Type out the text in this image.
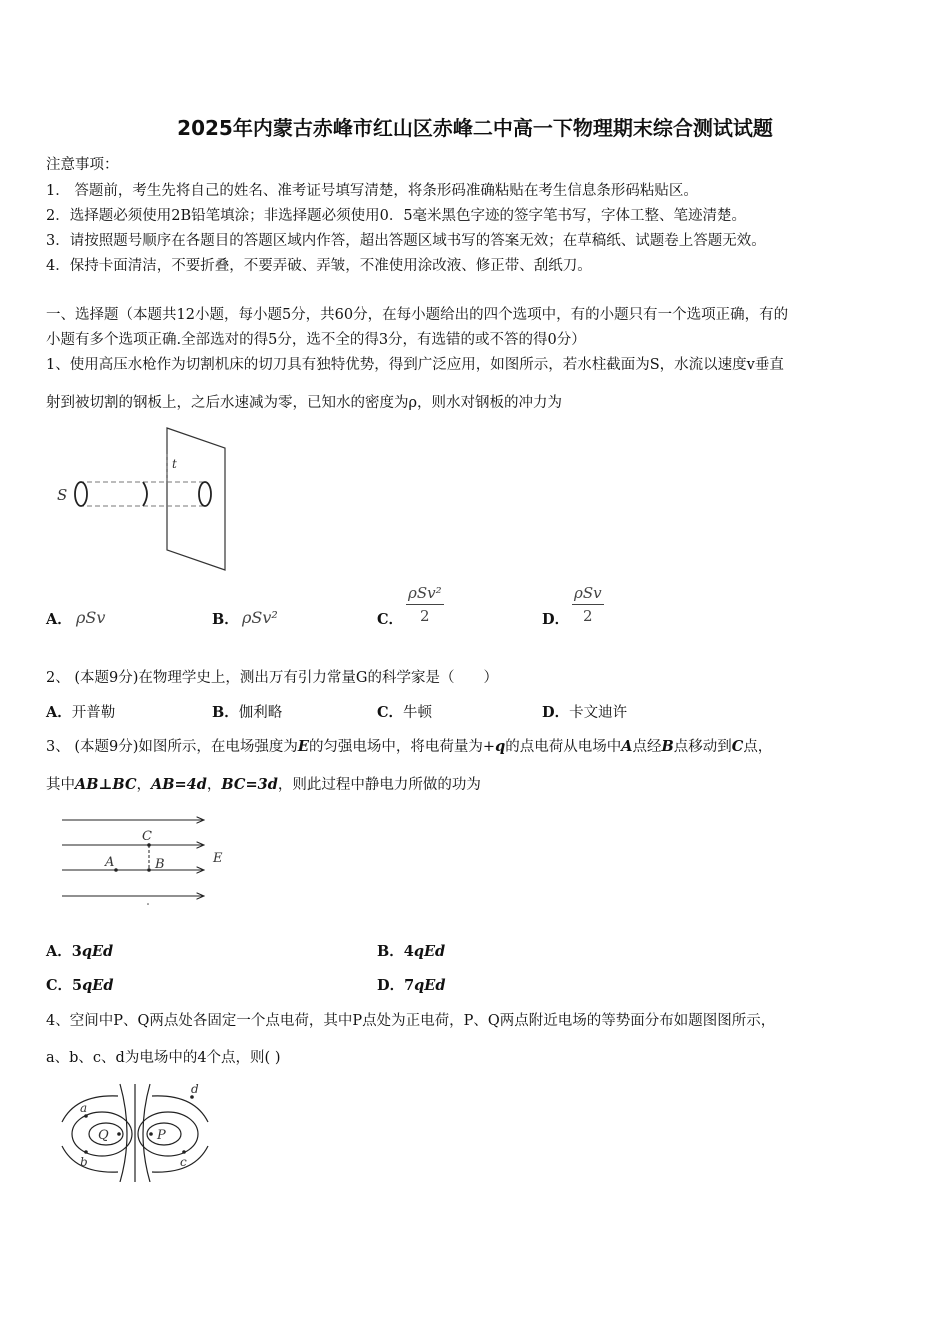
2025年内蒙古赤峰市红山区赤峰二中高一下物理期末综合测试试题
注意事项：
1． 答题前，考生先将自己的姓名、准考证号填写清楚，将条形码准确粘贴在考生信息条形码粘贴区。
2．选择题必须使用2B铅笔填涂；非选择题必须使用0．5毫米黑色字迹的签字笔书写，字体工整、笔迹清楚。
3．请按照题号顺序在各题目的答题区域内作答，超出答题区域书写的答案无效；在草稿纸、试题卷上答题无效。
4．保持卡面清洁，不要折叠，不要弄破、弄皱，不准使用涂改液、修正带、刮纸刀。
一、选择题（本题共12小题，每小题5分，共60分，在每小题给出的四个选项中，有的小题只有一个选项正确，有的
小题有多个选项正确.全部选对的得5分，选不全的得3分，有选错的或不答的得0分）
1、使用高压水枪作为切割机床的切刀具有独特优势，得到广泛应用，如图所示，若水柱截面为S，水流以速度v垂直
射到被切割的钢板上，之后水速减为零，已知水的密度为ρ，则水对钢板的冲力为
S
t
A． ρSv	B． ρSv²	C．
ρSv²
2	D．
ρSv
2
2、 (本题9分)在物理学史上，测出万有引力常量G的科学家是（　　）
A．开普勒	B．伽利略	C．牛顿	D．卡文迪许
3、 (本题9分)如图所示，在电场强度为E的匀强电场中，将电荷量为+q的点电荷从电场中A点经B点移动到C点，
其中AB⊥BC，AB=4d，BC=3d，则此过程中静电力所做的功为
C
A	B	E
A．3qEd	B．4qEd
C．5qEd	D．7qEd
4、空间中P、Q两点处各固定一个点电荷，其中P点处为正电荷，P、Q两点附近电场的等势面分布如题图图所示，
a、b、c、d为电场中的4个点，则( )
a
b	c
d
Q	P
